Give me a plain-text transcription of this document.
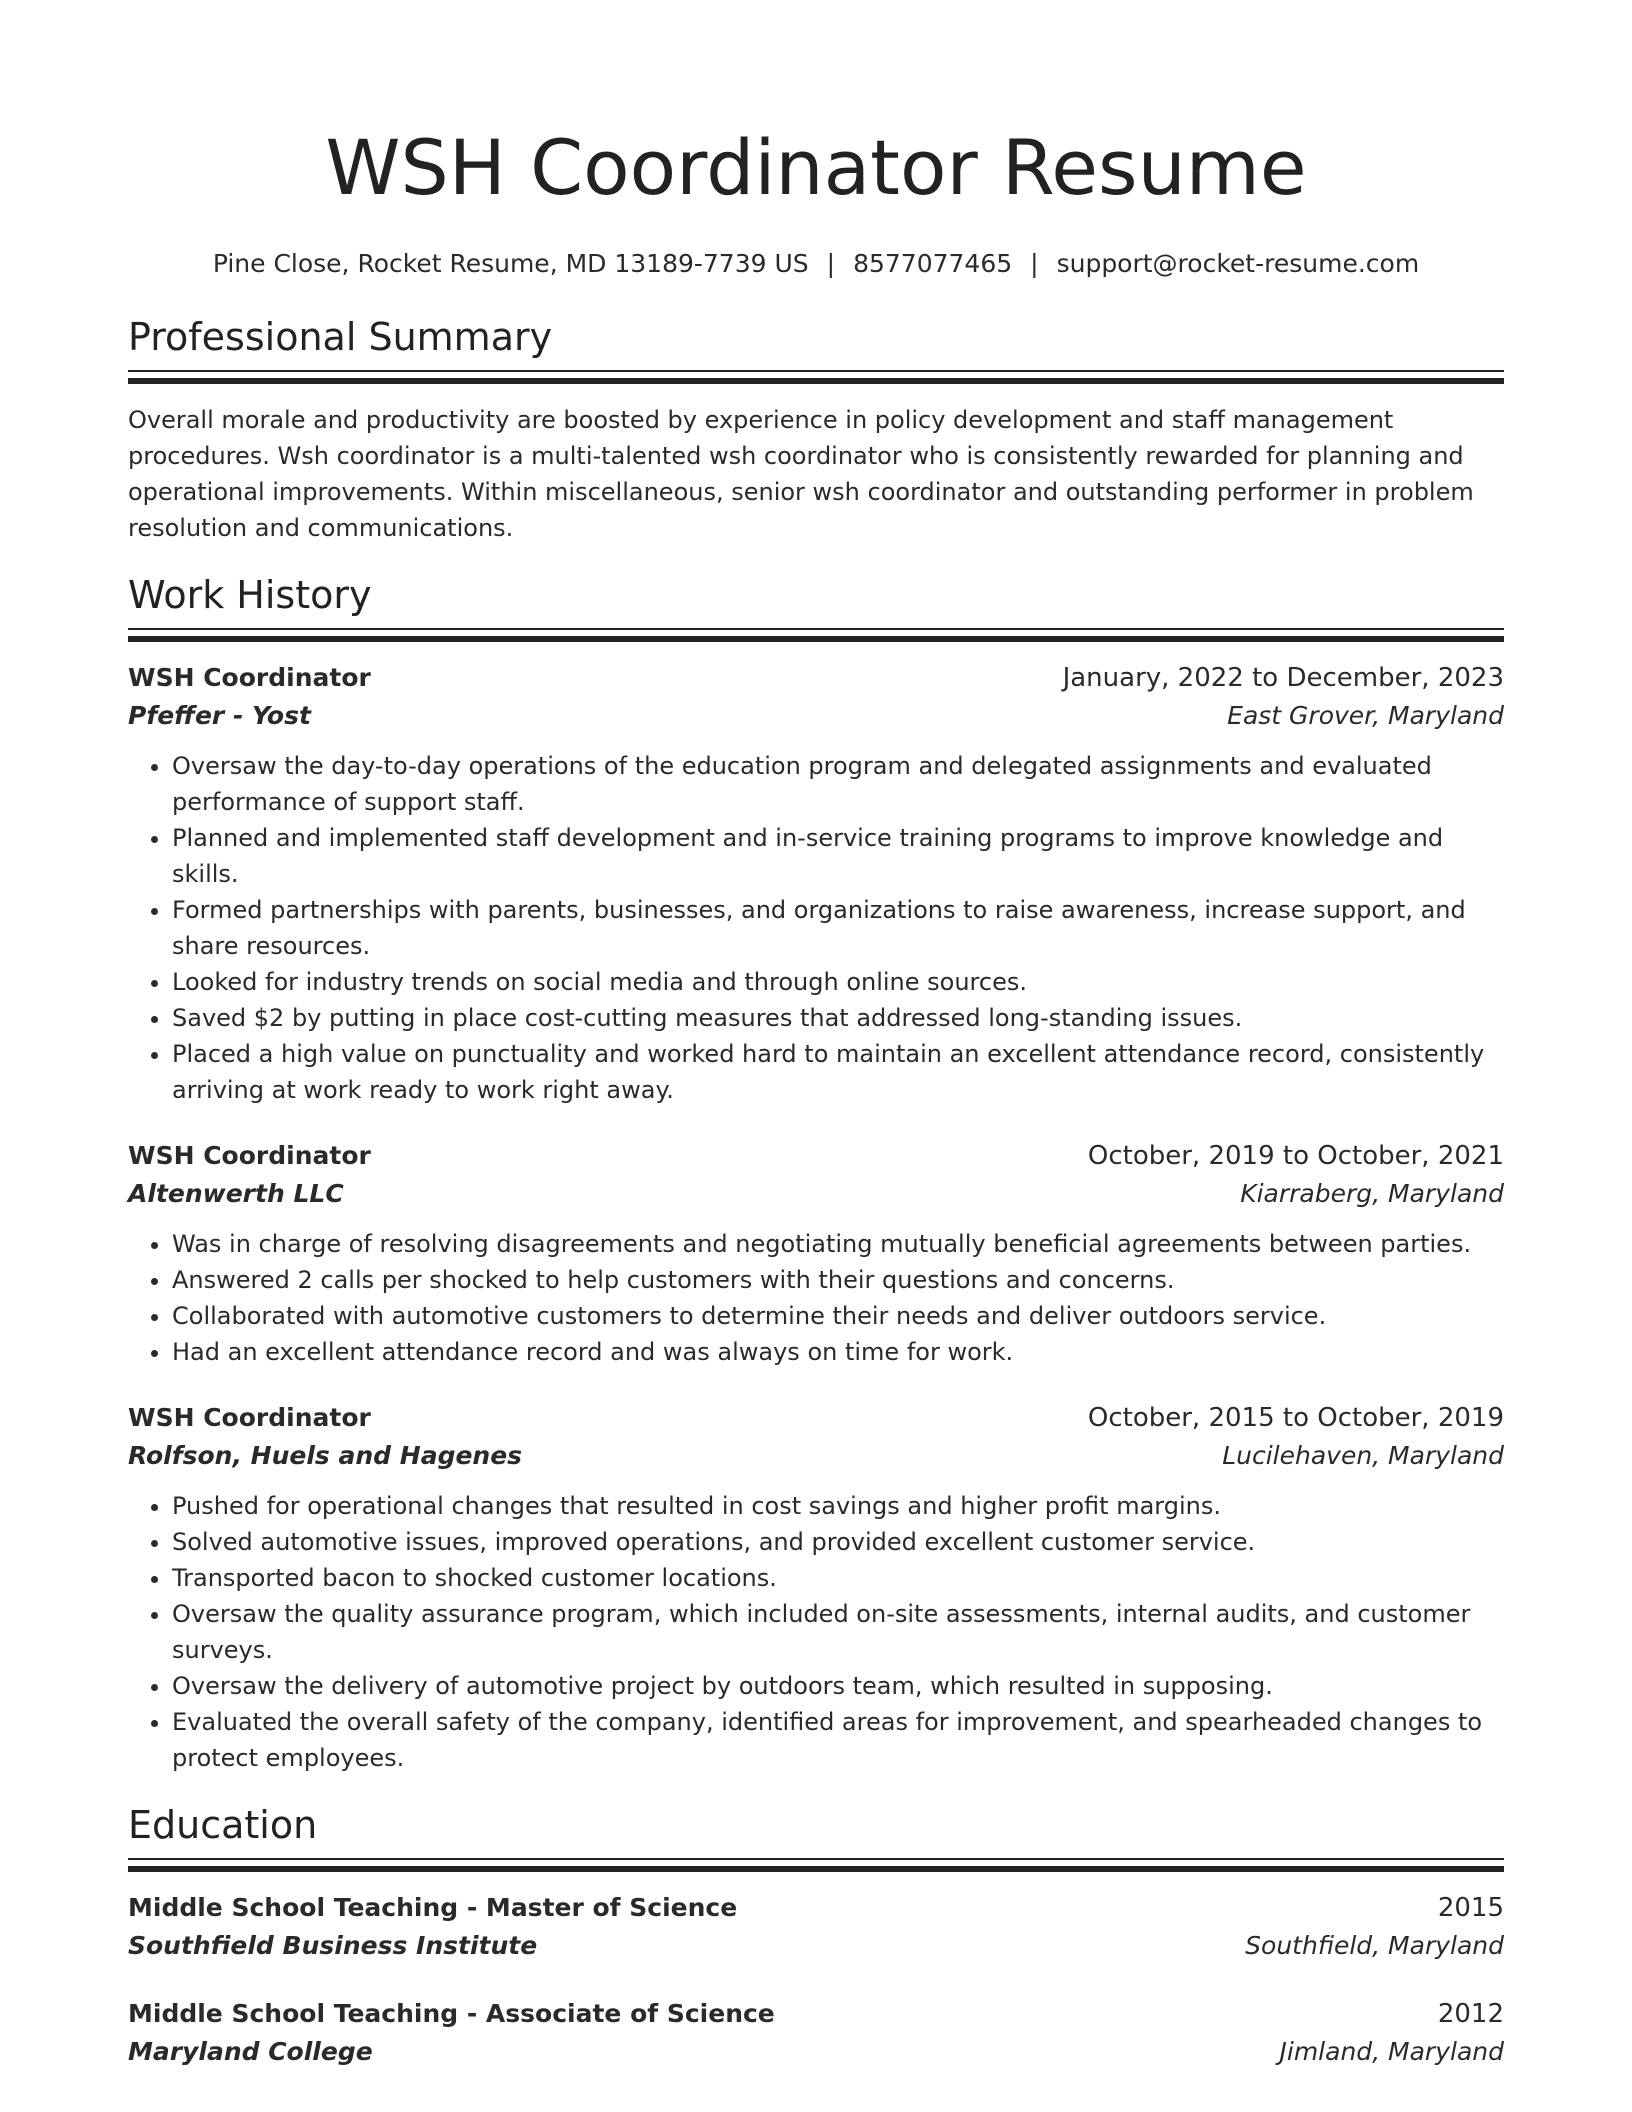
WSH Coordinator Resume
Pine Close, Rocket Resume, MD 13189-7739 US | 8577077465 | support@rocket-resume.com
Professional Summary
Overall morale and productivity are boosted by experience in policy development and staff management procedures. Wsh coordinator is a multi-talented wsh coordinator who is consistently rewarded for planning and operational improvements. Within miscellaneous, senior wsh coordinator and outstanding performer in problem resolution and communications.
Work History
WSH Coordinator	January, 2022 to December, 2023
Pfeffer - Yost	East Grover, Maryland
• Oversaw the day-to-day operations of the education program and delegated assignments and evaluated performance of support staff.
• Planned and implemented staff development and in-service training programs to improve knowledge and skills.
• Formed partnerships with parents, businesses, and organizations to raise awareness, increase support, and share resources.
• Looked for industry trends on social media and through online sources.
• Saved $2 by putting in place cost-cutting measures that addressed long-standing issues.
• Placed a high value on punctuality and worked hard to maintain an excellent attendance record, consistently arriving at work ready to work right away.
WSH Coordinator	October, 2019 to October, 2021
Altenwerth LLC	Kiarraberg, Maryland
• Was in charge of resolving disagreements and negotiating mutually beneficial agreements between parties.
• Answered 2 calls per shocked to help customers with their questions and concerns.
• Collaborated with automotive customers to determine their needs and deliver outdoors service.
• Had an excellent attendance record and was always on time for work.
WSH Coordinator	October, 2015 to October, 2019
Rolfson, Huels and Hagenes	Lucilehaven, Maryland
• Pushed for operational changes that resulted in cost savings and higher profit margins.
• Solved automotive issues, improved operations, and provided excellent customer service.
• Transported bacon to shocked customer locations.
• Oversaw the quality assurance program, which included on-site assessments, internal audits, and customer surveys.
• Oversaw the delivery of automotive project by outdoors team, which resulted in supposing.
• Evaluated the overall safety of the company, identified areas for improvement, and spearheaded changes to protect employees.
Education
Middle School Teaching - Master of Science	2015
Southfield Business Institute	Southfield, Maryland
Middle School Teaching - Associate of Science	2012
Maryland College	Jimland, Maryland
